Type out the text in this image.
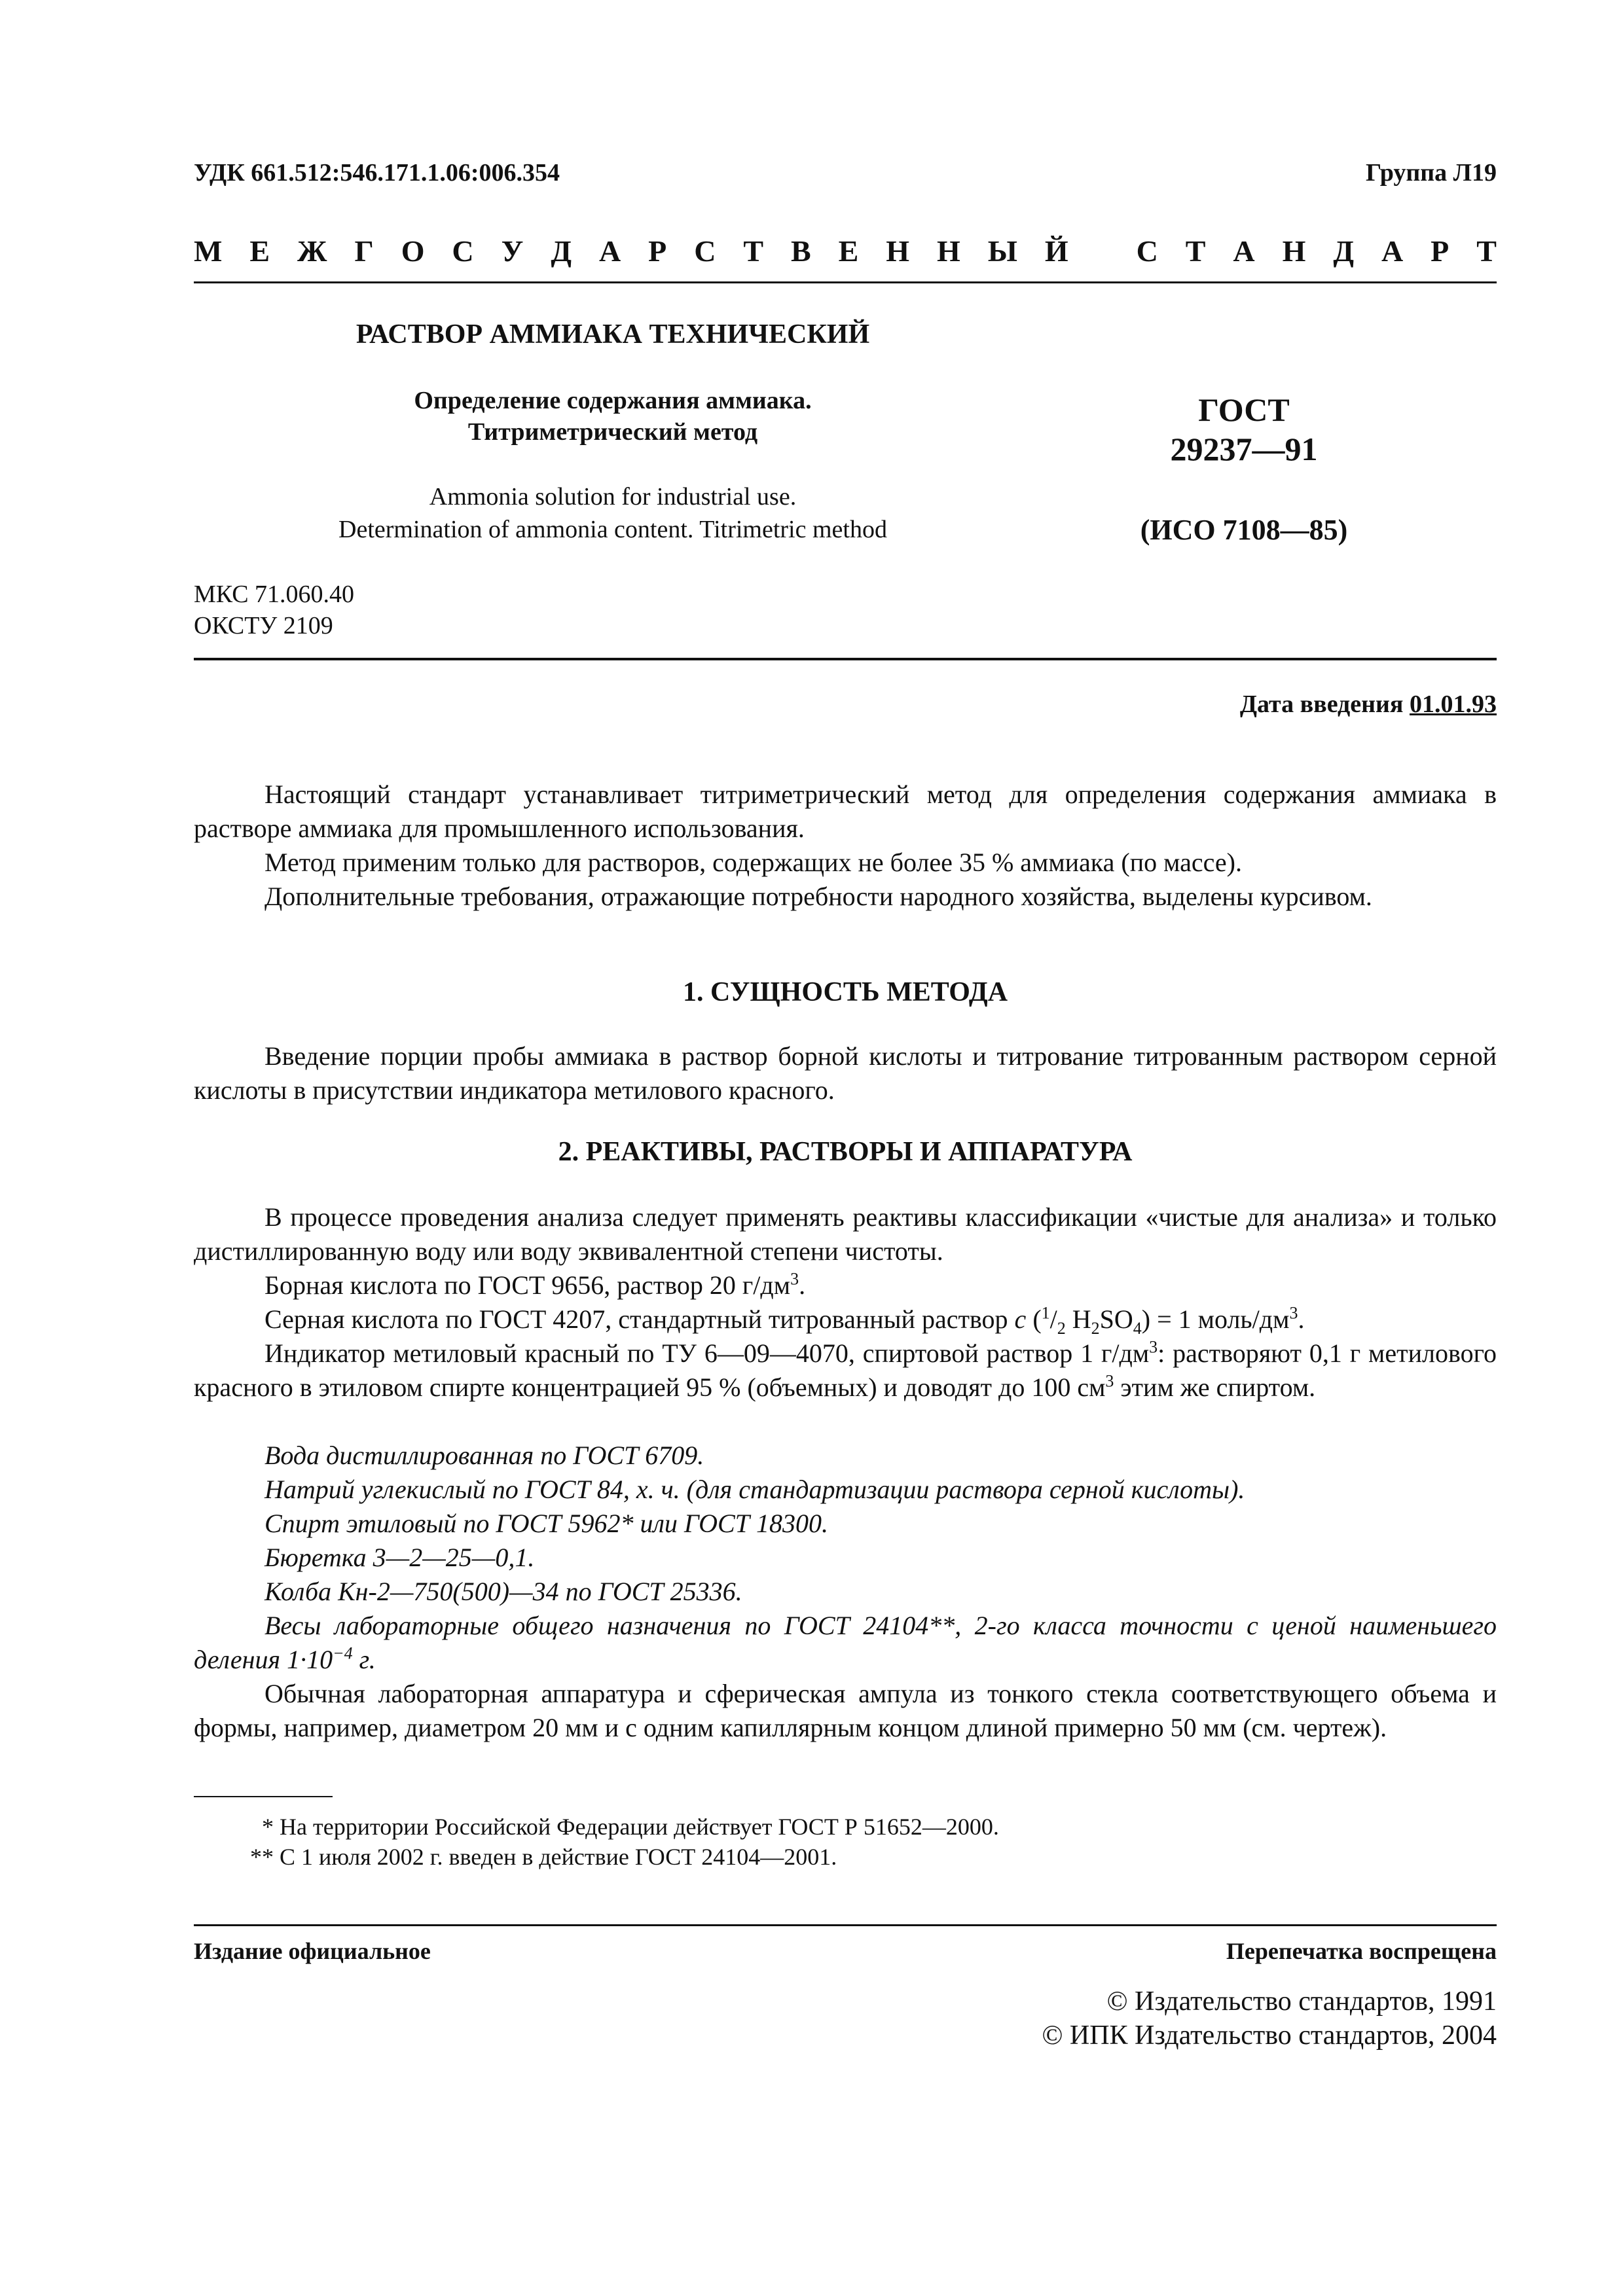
УДК 661.512:546.171.1.06:006.354	Группа Л19
М Е Ж Г О С У Д А Р С Т В Е Н Н Ы Й С Т А Н Д А Р Т
РАСТВОР АММИАКА ТЕХНИЧЕСКИЙ
Определение содержания аммиака.
Титриметрический метод
Ammonia solution for industrial use.
Determination of ammonia content. Titrimetric method
ГОСТ
29237—91
(ИСО 7108—85)
МКС 71.060.40
ОКСТУ 2109
Дата введения 01.01.93
Настоящий стандарт устанавливает титриметрический метод для определения содержания аммиака в растворе аммиака для промышленного использования.
Метод применим только для растворов, содержащих не более 35 % аммиака (по массе).
Дополнительные требования, отражающие потребности народного хозяйства, выделены курсивом.
1. СУЩНОСТЬ МЕТОДА
Введение порции пробы аммиака в раствор борной кислоты и титрование титрованным раствором серной кислоты в присутствии индикатора метилового красного.
2. РЕАКТИВЫ, РАСТВОРЫ И АППАРАТУРА
В процессе проведения анализа следует применять реактивы классификации «чистые для анализа» и только дистиллированную воду или воду эквивалентной степени чистоты.
Борная кислота по ГОСТ 9656, раствор 20 $г/дм^3$.
Серная кислота по ГОСТ 4207, стандартный титрованный раствор c ($^1/_2$ $H_2SO_4) = 1$ моль/$дм^3$.
Индикатор метиловый красный по ТУ 6—09—4070, спиртовой раствор 1 $г/дм^3$: растворяют 0,1 г метилового красного в этиловом спирте концентрацией 95 % (объемных) и доводят до 100 $см^3$ этим же спиртом.
Вода дистиллированная по ГОСТ 6709.
Натрий углекислый по ГОСТ 84, х. ч. (для стандартизации раствора серной кислоты).
Спирт этиловый по ГОСТ 5962* или ГОСТ 18300.
Бюретка 3—2—25—0,1.
Колба Кн-2—750(500)—34 по ГОСТ 25336.
Весы лабораторные общего назначения по ГОСТ 24104**, 2-го класса точности с ценой наименьшего деления $1\cdot 10^{-4}$ г.
Обычная лабораторная аппаратура и сферическая ампула из тонкого стекла соответствующего объема и формы, например, диаметром 20 мм и с одним капиллярным концом длиной примерно 50 мм (см. чертеж).
* На территории Российской Федерации действует ГОСТ Р 51652—2000.
** С 1 июля 2002 г. введен в действие ГОСТ 24104—2001.
Издание официальное	Перепечатка воспрещена
© Издательство стандартов, 1991
© ИПК Издательство стандартов, 2004
